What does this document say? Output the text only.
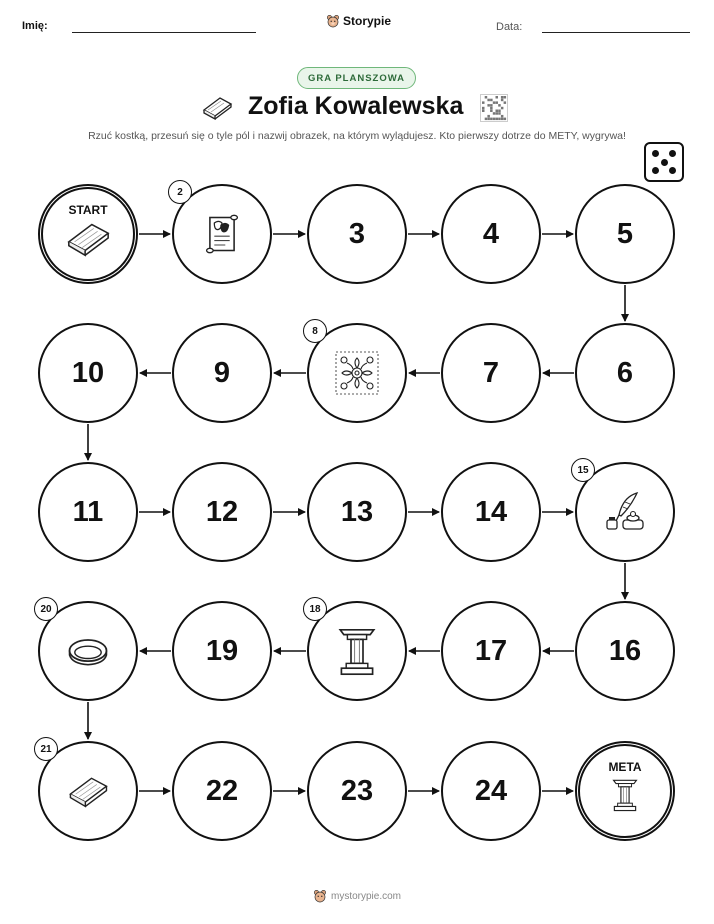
Imię:	Storypie	Data:
GRA PLANSZOWA
Zofia Kowalewska
Rzuć kostką, przesuń się o tyle pól i nazwij obrazek, na którym wylądujesz. Kto pierwszy dotrze do METY, wygrywa!
START
2
3	4	5
6
7
8
9
10
11	12	13	14
15
16
17
18
19
20
21
22	23	24
META
mystorypie.com
